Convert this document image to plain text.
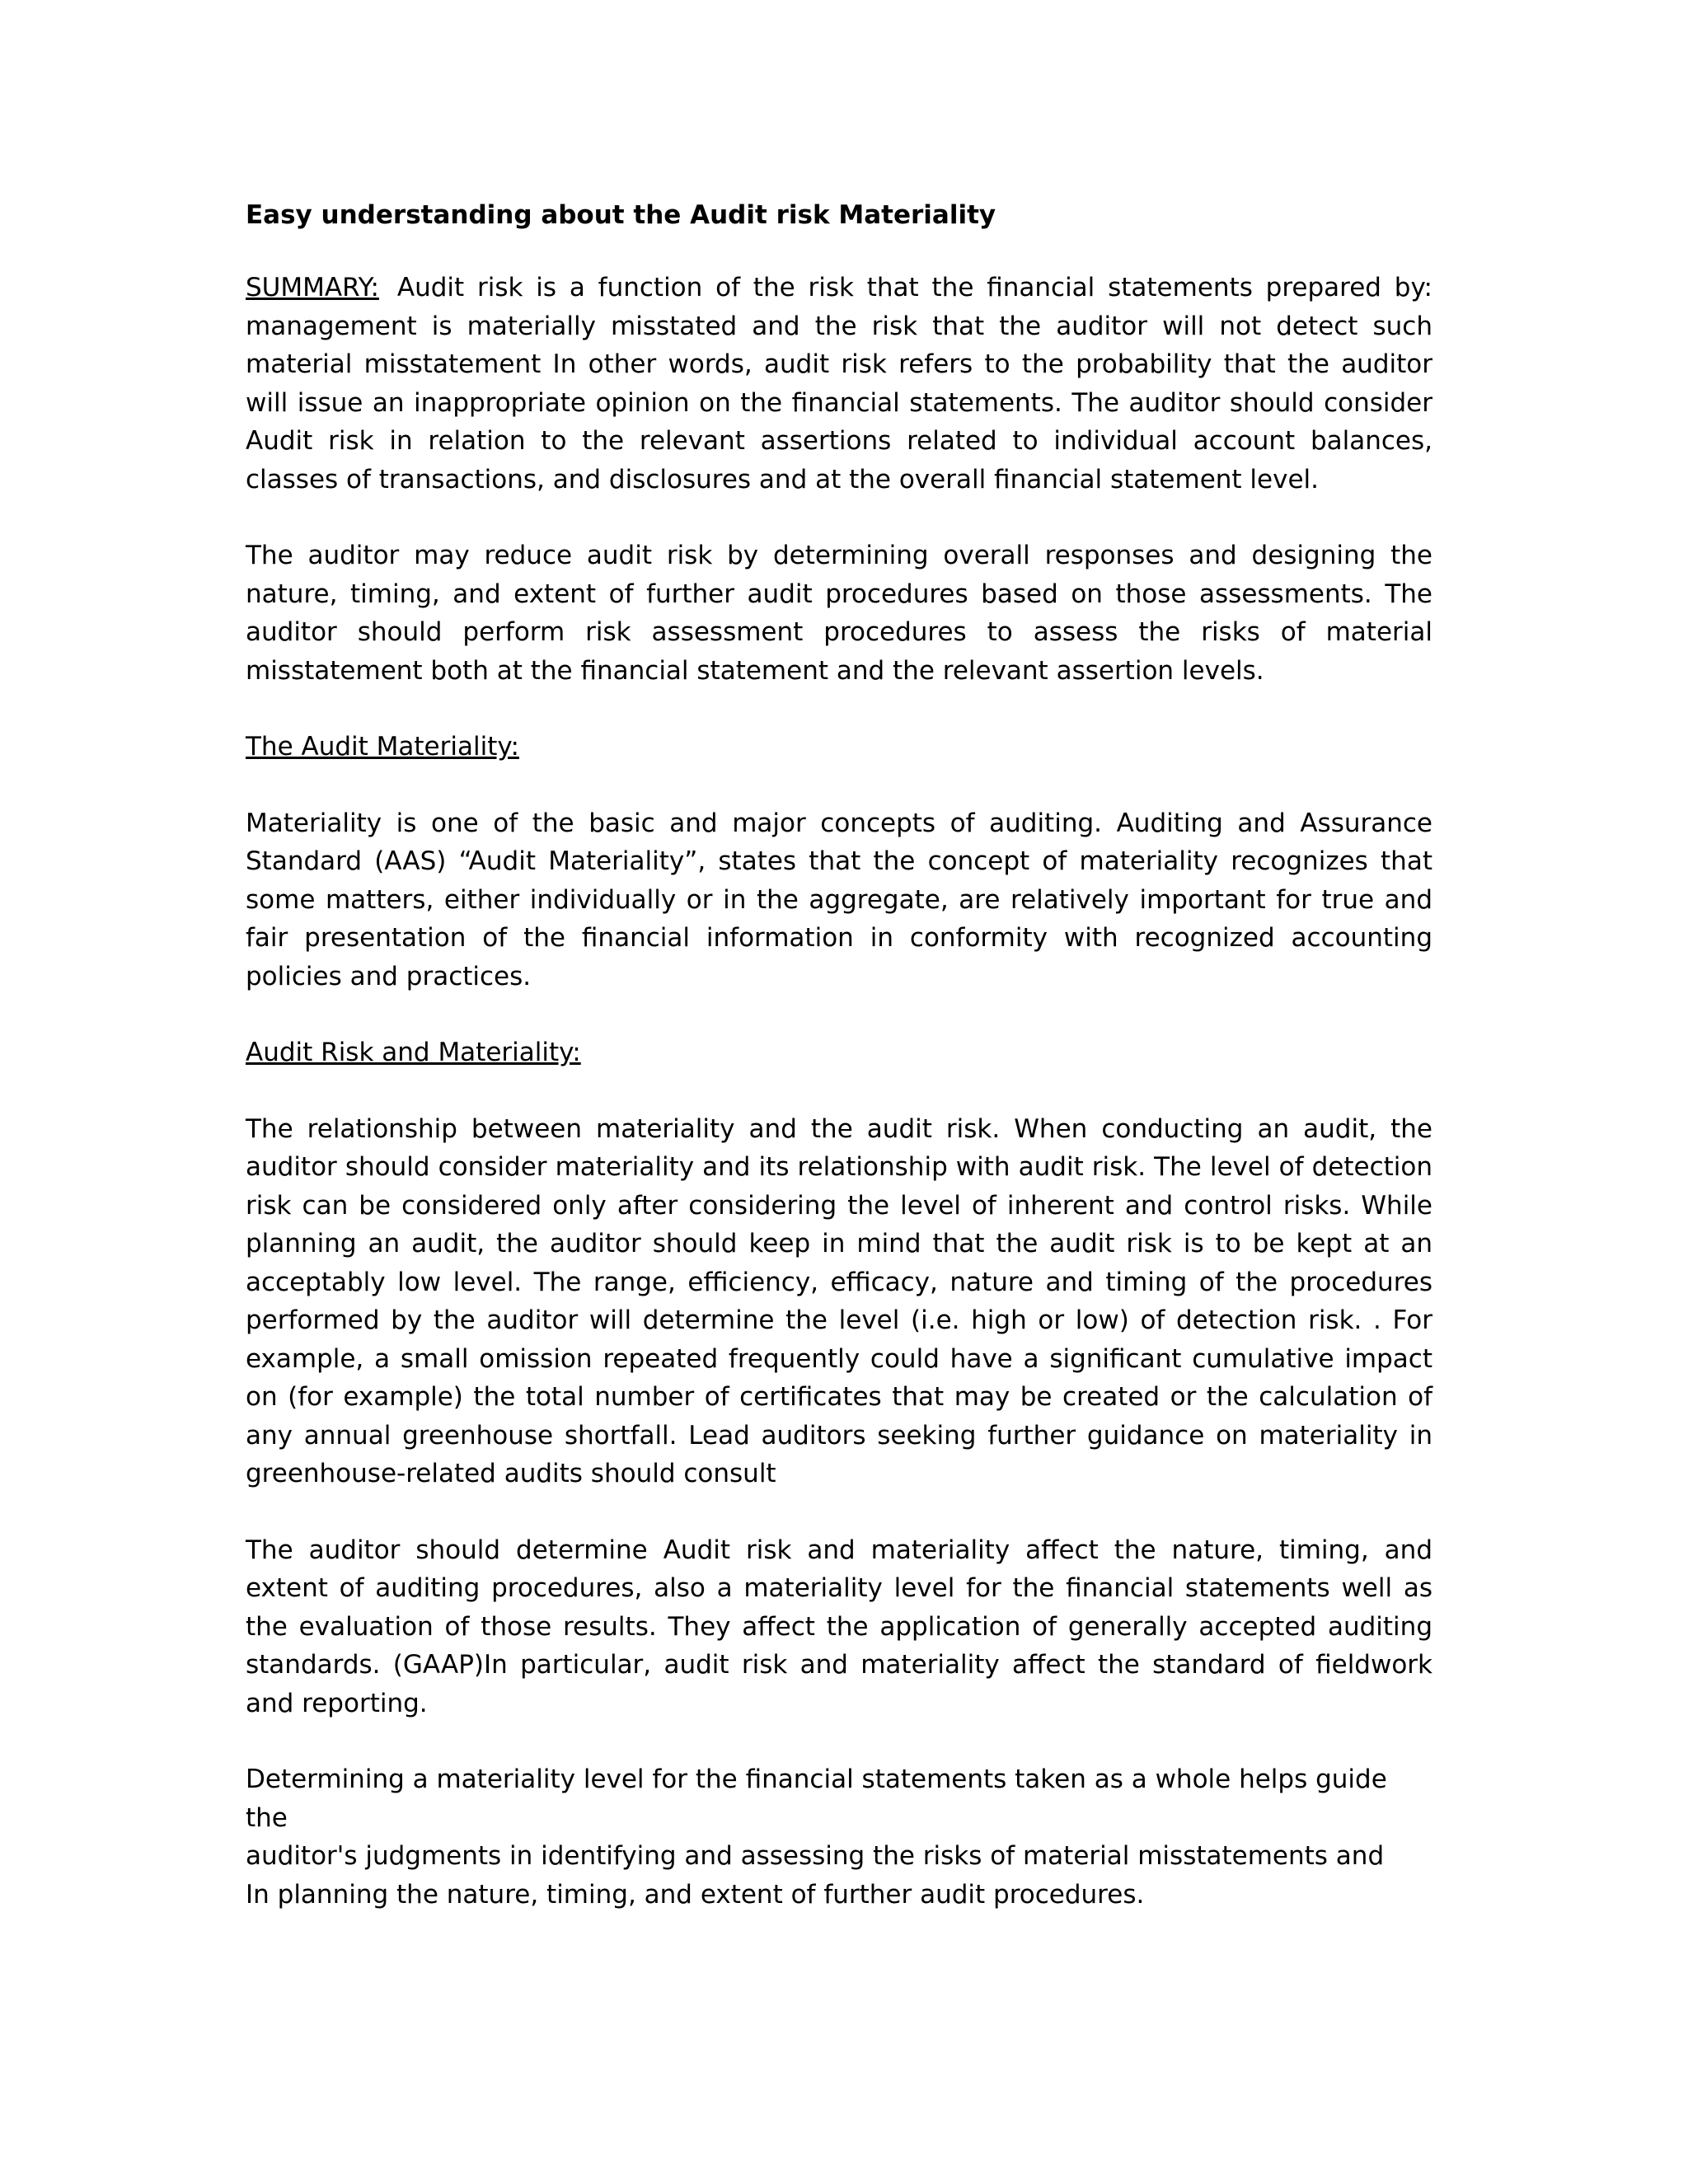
Easy understanding about the Audit risk Materiality

SUMMARY: Audit risk is a function of the risk that the financial statements prepared by: management is materially misstated and the risk that the auditor will not detect such material misstatement In other words, audit risk refers to the probability that the auditor will issue an inappropriate opinion on the financial statements. The auditor should consider Audit risk in relation to the relevant assertions related to individual account balances, classes of transactions, and disclosures and at the overall financial statement level.

The auditor may reduce audit risk by determining overall responses and designing the nature, timing, and extent of further audit procedures based on those assessments. The auditor should perform risk assessment procedures to assess the risks of material misstatement both at the financial statement and the relevant assertion levels.

The Audit Materiality:

Materiality is one of the basic and major concepts of auditing. Auditing and Assurance Standard (AAS) “Audit Materiality”, states that the concept of materiality recognizes that some matters, either individually or in the aggregate, are relatively important for true and fair presentation of the financial information in conformity with recognized accounting policies and practices.

Audit Risk and Materiality:

The relationship between materiality and the audit risk. When conducting an audit, the auditor should consider materiality and its relationship with audit risk. The level of detection risk can be considered only after considering the level of inherent and control risks. While planning an audit, the auditor should keep in mind that the audit risk is to be kept at an acceptably low level. The range, efficiency, efficacy, nature and timing of the procedures performed by the auditor will determine the level (i.e. high or low) of detection risk. . For example, a small omission repeated frequently could have a significant cumulative impact on (for example) the total number of certificates that may be created or the calculation of any annual greenhouse shortfall. Lead auditors seeking further guidance on materiality in greenhouse-related audits should consult

The auditor should determine Audit risk and materiality affect the nature, timing, and extent of auditing procedures, also a materiality level for the financial statements well as the evaluation of those results. They affect the application of generally accepted auditing standards. (GAAP)In particular, audit risk and materiality affect the standard of fieldwork and reporting.

Determining a materiality level for the financial statements taken as a whole helps guide the
auditor's judgments in identifying and assessing the risks of material misstatements and
In planning the nature, timing, and extent of further audit procedures.
